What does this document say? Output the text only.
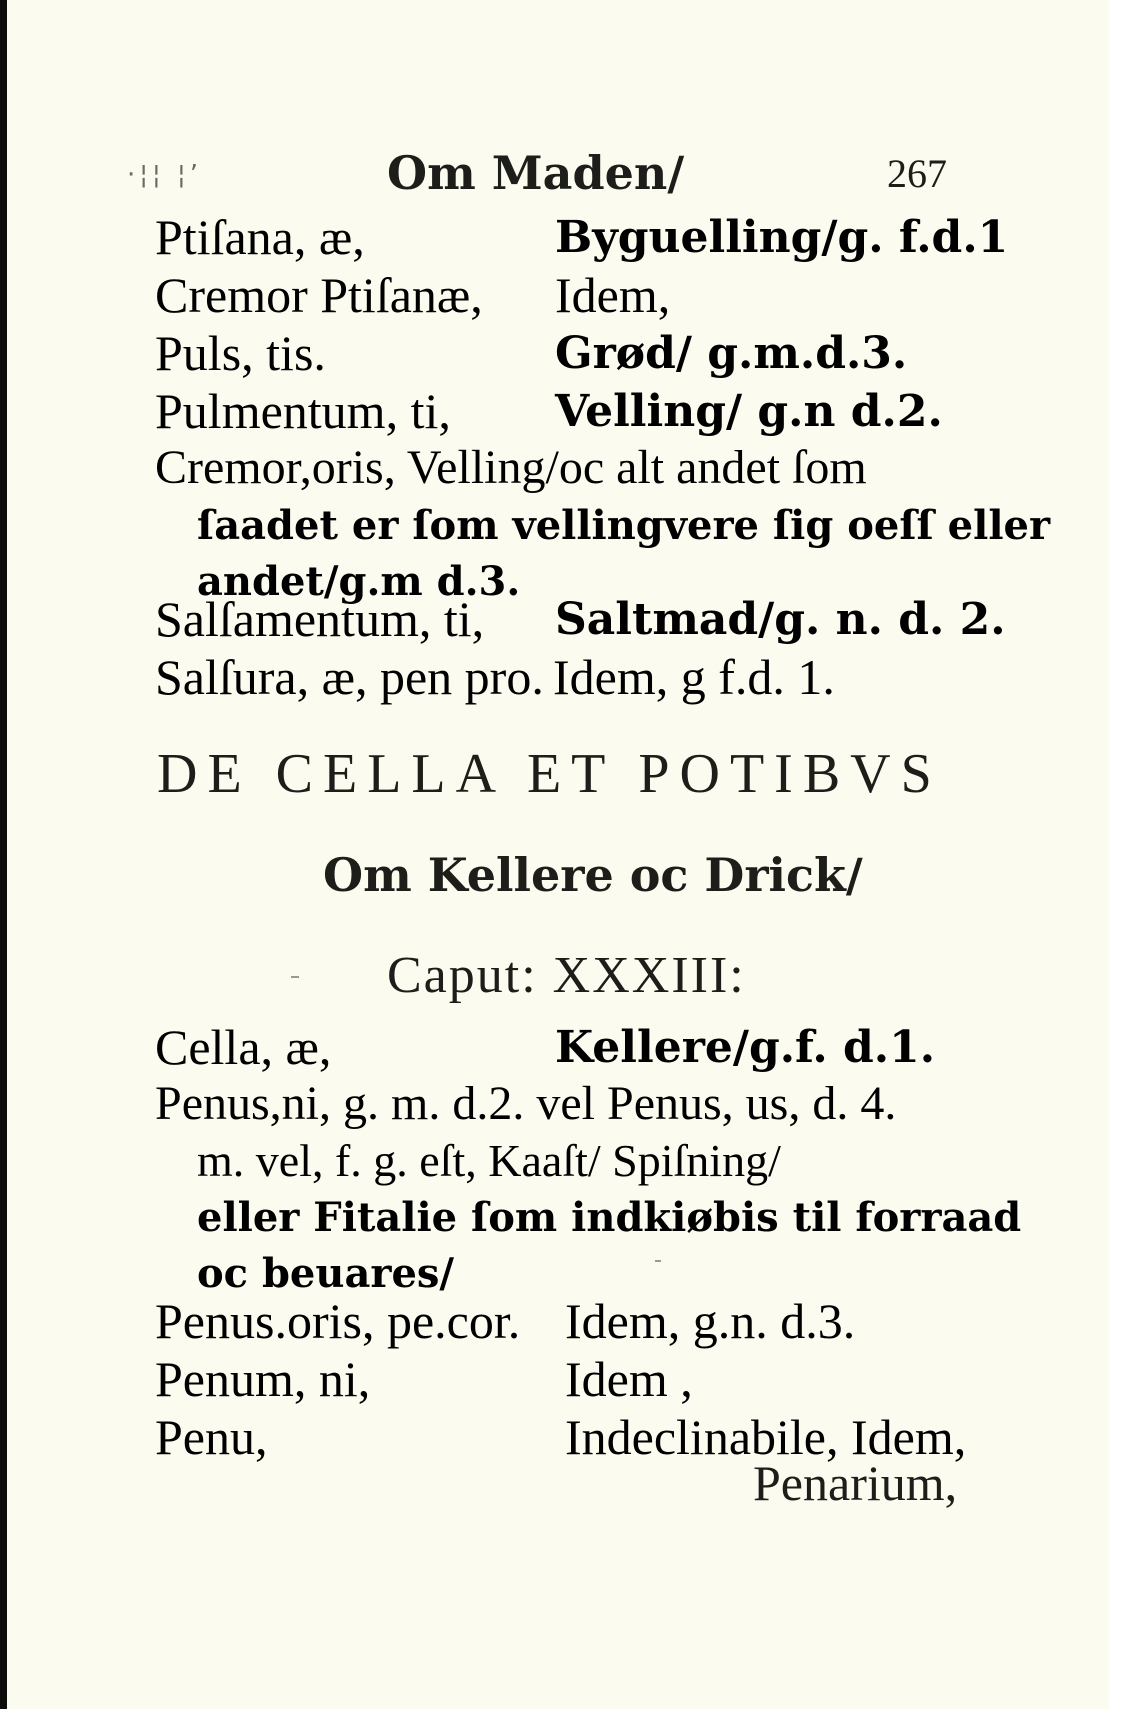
·¦¦ ¦’	Om Maden/	267
Ptiſana, æ,	Byguelling/g. f.d.1
Cremor Ptiſanæ, Idem,
Puls, tis.	Grød/ g.m.d.3.
Pulmentum, ti, Velling/ g.n d.2.
Cremor,oris, Velling/oc alt andet ſom
ſaadet er ſom vellingvere ſig oeſſ eller
andet/g.m d.3.
Salſamentum, ti, Saltmad/g. n. d. 2.
Salſura, æ, pen pro. Idem, g f.d. 1.
DE CELLA ET POTIBVS
Om Kellere oc Drick/
Caput: XXXIII:
Cella, æ,	Kellere/g.f. d.1.
Penus,ni, g. m. d.2. vel Penus, us, d. 4.
m. vel, f. g. eſt, Kaaſt/ Spiſning/
eller Fitalie ſom indkiøbis til forraad
oc beuares/
Penus.oris, pe.cor. Idem, g.n. d.3.
Penum, ni,	Idem ,
Penu,	Indeclinabile, Idem,
Penarium,
